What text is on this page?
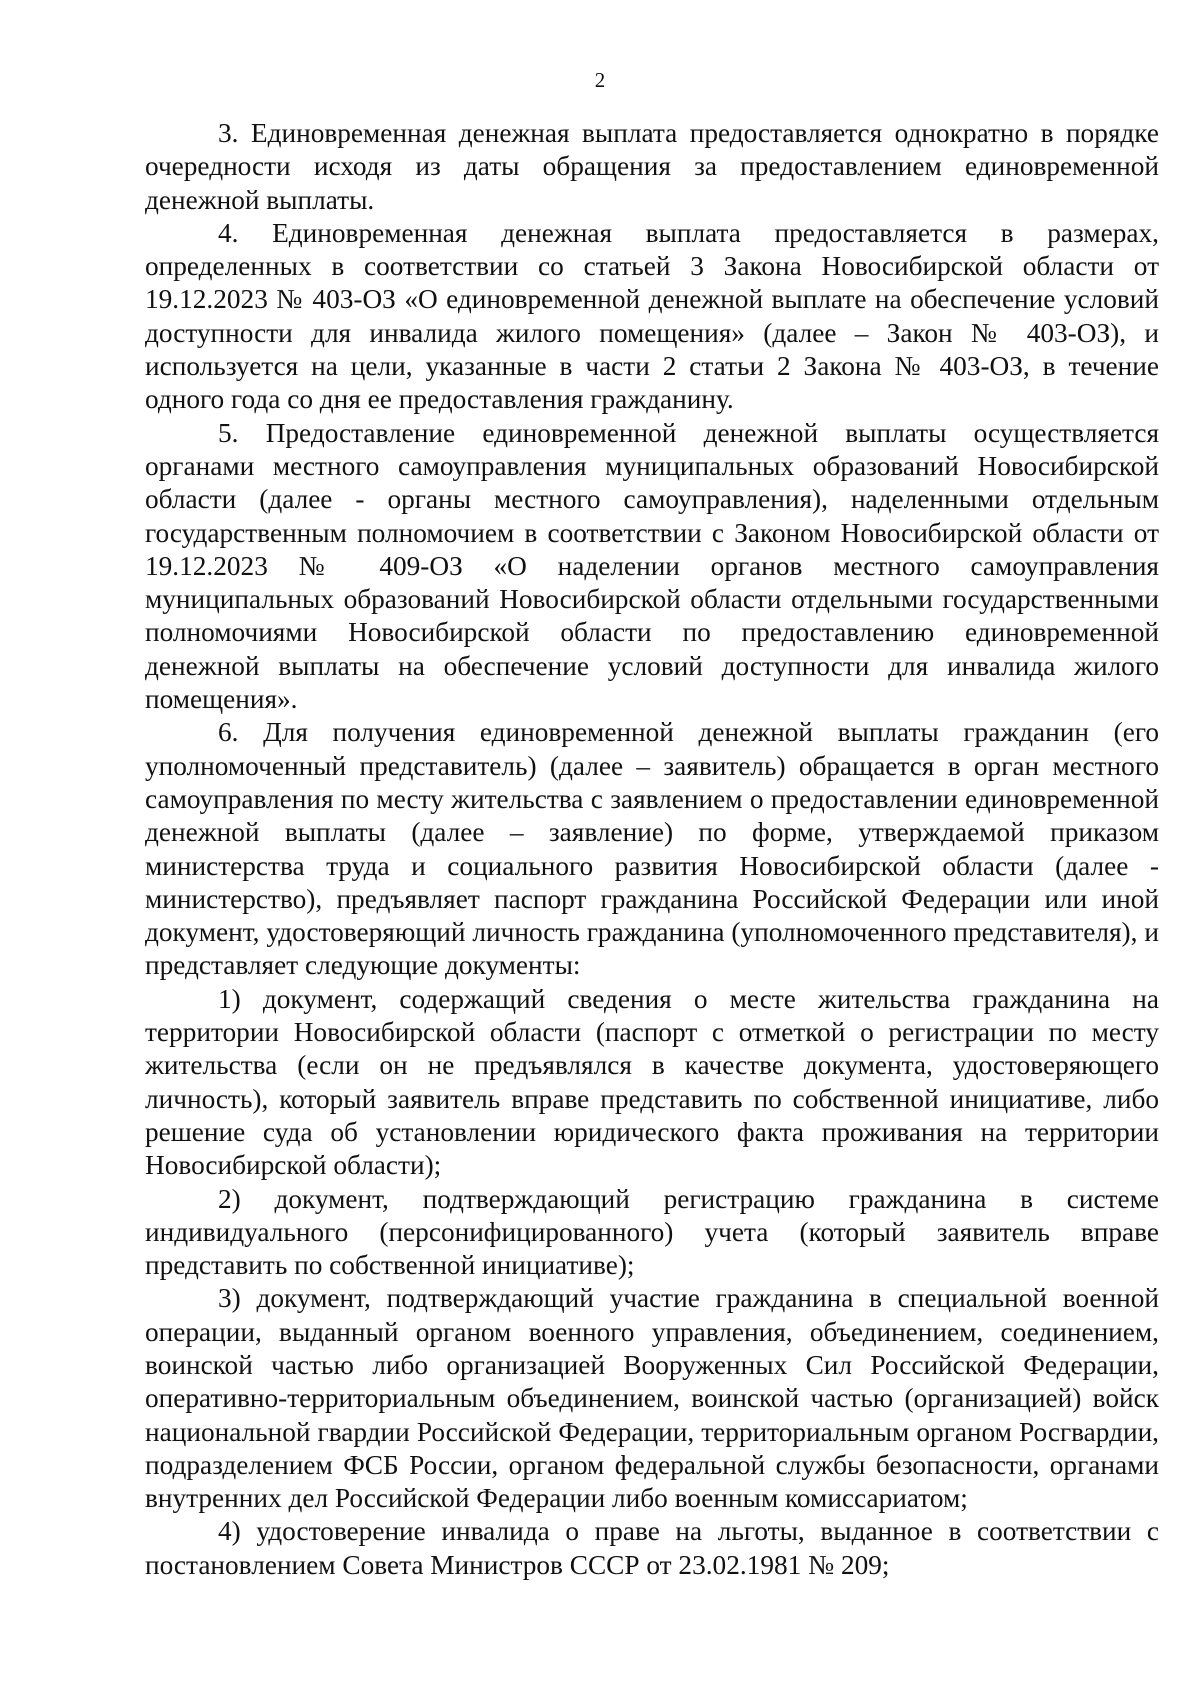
2

3. Единовременная денежная выплата предоставляется однократно в порядке очередности исходя из даты обращения за предоставлением единовременной денежной выплаты.

4. Единовременная денежная выплата предоставляется в размерах, определенных в соответствии со статьей 3 Закона Новосибирской области от 19.12.2023 № 403-ОЗ «О единовременной денежной выплате на обеспечение условий доступности для инвалида жилого помещения» (далее – Закон № 403-ОЗ), и используется на цели, указанные в части 2 статьи 2 Закона № 403-ОЗ, в течение одного года со дня ее предоставления гражданину.

5. Предоставление единовременной денежной выплаты осуществляется органами местного самоуправления муниципальных образований Новосибирской области (далее - органы местного самоуправления), наделенными отдельным государственным полномочием в соответствии с Законом Новосибирской области от 19.12.2023 № 409-ОЗ «О наделении органов местного самоуправления муниципальных образований Новосибирской области отдельными государственными полномочиями Новосибирской области по предоставлению единовременной денежной выплаты на обеспечение условий доступности для инвалида жилого помещения».

6. Для получения единовременной денежной выплаты гражданин (его уполномоченный представитель) (далее – заявитель) обращается в орган местного самоуправления по месту жительства с заявлением о предоставлении единовременной денежной выплаты (далее – заявление) по форме, утверждаемой приказом министерства труда и социального развития Новосибирской области (далее - министерство), предъявляет паспорт гражданина Российской Федерации или иной документ, удостоверяющий личность гражданина (уполномоченного представителя), и представляет следующие документы:

1) документ, содержащий сведения о месте жительства гражданина на территории Новосибирской области (паспорт с отметкой о регистрации по месту жительства (если он не предъявлялся в качестве документа, удостоверяющего личность), который заявитель вправе представить по собственной инициативе, либо решение суда об установлении юридического факта проживания на территории Новосибирской области);

2) документ, подтверждающий регистрацию гражданина в системе индивидуального (персонифицированного) учета (который заявитель вправе представить по собственной инициативе);

3) документ, подтверждающий участие гражданина в специальной военной операции, выданный органом военного управления, объединением, соединением, воинской частью либо организацией Вооруженных Сил Российской Федерации, оперативно-территориальным объединением, воинской частью (организацией) войск национальной гвардии Российской Федерации, территориальным органом Росгвардии, подразделением ФСБ России, органом федеральной службы безопасности, органами внутренних дел Российской Федерации либо военным комиссариатом;

4) удостоверение инвалида о праве на льготы, выданное в соответствии с постановлением Совета Министров СССР от 23.02.1981 № 209;
